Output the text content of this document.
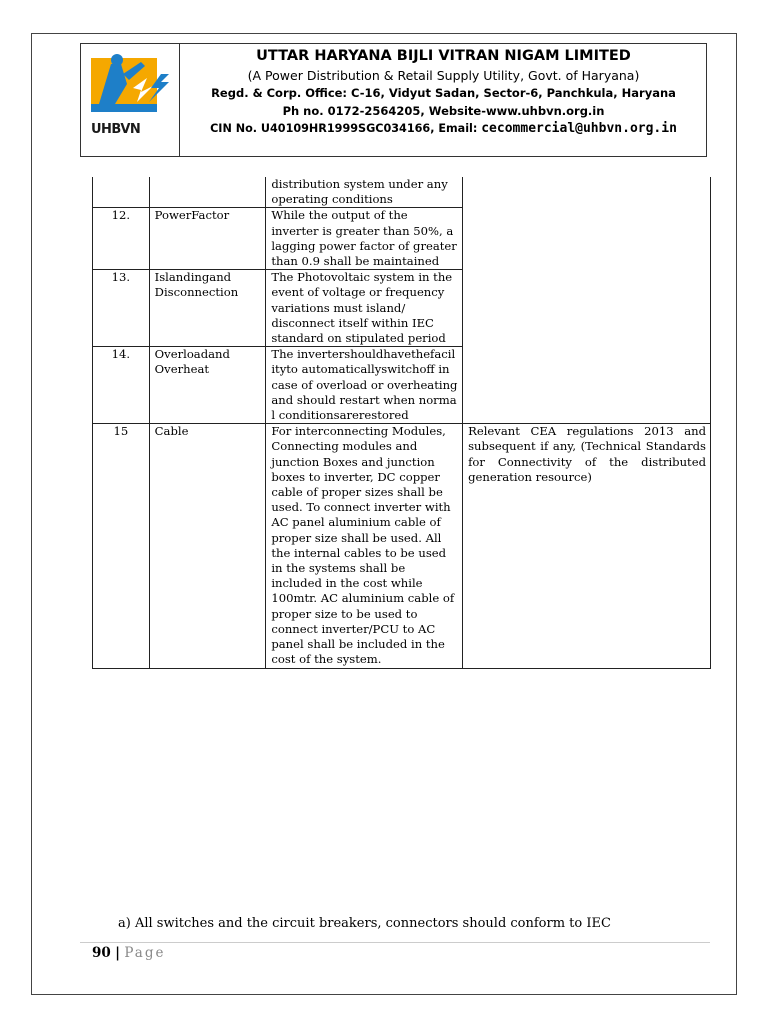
UHBVN
UTTAR HARYANA BIJLI VITRAN NIGAM LIMITED
(A Power Distribution & Retail Supply Utility, Govt. of Haryana)
Regd. & Corp. Office: C-16, Vidyut Sadan, Sector-6, Panchkula, Haryana
Ph no. 0172-2564205, Website-www.uhbvn.org.in
CIN No. U40109HR1999SGC034166, Email: cecommercial@uhbvn.org.in
		distribution system under any operating conditions	
12.	PowerFactor	While the output of the inverter is greater than 50%, a lagging power factor of greater than 0.9 shall be maintained	
13.	Islandingand Disconnection	The Photovoltaic system in the event of voltage or frequency variations must island/ disconnect itself within IEC standard on stipulated period	
14.	Overloadand Overheat	The invertershouldhavethefacilityto automaticallyswitchoff in case of overload or overheating and should restart when normal conditionsarerestored	
15	Cable	For interconnecting Modules, Connecting modules and junction Boxes and junction boxes to inverter, DC copper cable of proper sizes shall be used. To connect inverter with AC panel aluminium cable of proper size shall be used. All the internal cables to be used in the systems shall be included in the cost while 100mtr. AC aluminium cable of proper size to be used to connect inverter/PCU to AC panel shall be included in the cost of the system.	Relevant CEA regulations 2013 and subsequent if any, (Technical Standards for Connectivity of the distributed generation resource)
a) All switches and the circuit breakers, connectors should conform to IEC
90 | Page
